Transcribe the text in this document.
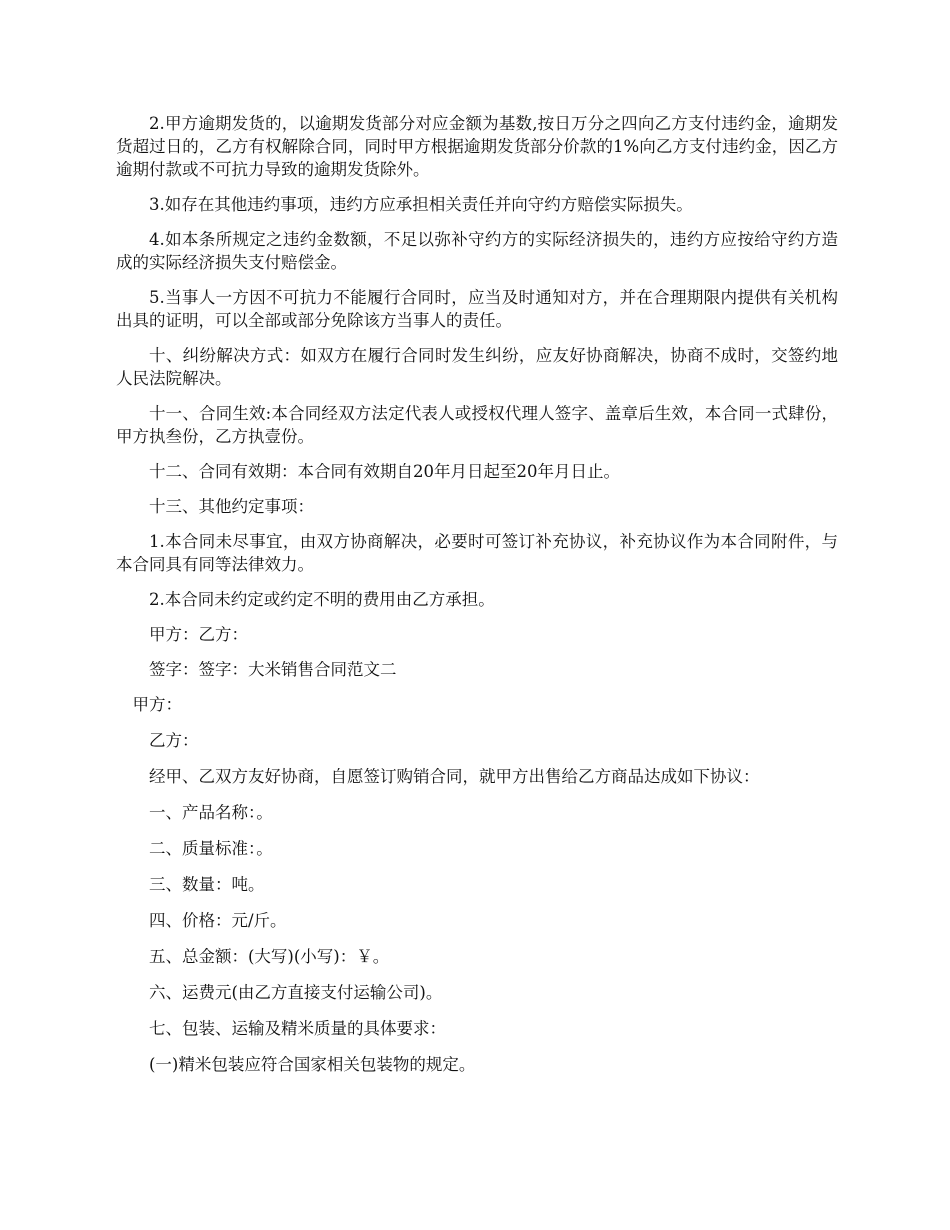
2.甲方逾期发货的，以逾期发货部分对应金额为基数,按日万分之四向乙方支付违约金，逾期发货超过日的，乙方有权解除合同，同时甲方根据逾期发货部分价款的1%向乙方支付违约金，因乙方逾期付款或不可抗力导致的逾期发货除外。

3.如存在其他违约事项，违约方应承担相关责任并向守约方赔偿实际损失。

4.如本条所规定之违约金数额，不足以弥补守约方的实际经济损失的，违约方应按给守约方造成的实际经济损失支付赔偿金。

5.当事人一方因不可抗力不能履行合同时，应当及时通知对方，并在合理期限内提供有关机构出具的证明，可以全部或部分免除该方当事人的责任。

十、纠纷解决方式：如双方在履行合同时发生纠纷，应友好协商解决，协商不成时，交签约地人民法院解决。

十一、合同生效:本合同经双方法定代表人或授权代理人签字、盖章后生效，本合同一式肆份，甲方执叁份，乙方执壹份。

十二、合同有效期：本合同有效期自20年月日起至20年月日止。

十三、其他约定事项：

1.本合同未尽事宜，由双方协商解决，必要时可签订补充协议，补充协议作为本合同附件，与本合同具有同等法律效力。

2.本合同未约定或约定不明的费用由乙方承担。

甲方：乙方：

签字：签字：大米销售合同范文二

甲方：
乙方：
经甲、乙双方友好协商，自愿签订购销合同，就甲方出售给乙方商品达成如下协议：
一、产品名称：。
二、质量标准：。
三、数量：吨。
四、价格：元/斤。
五、总金额：(大写)(小写)：￥。
六、运费元(由乙方直接支付运输公司)。
七、包装、运输及精米质量的具体要求：
(一)精米包装应符合国家相关包装物的规定。
